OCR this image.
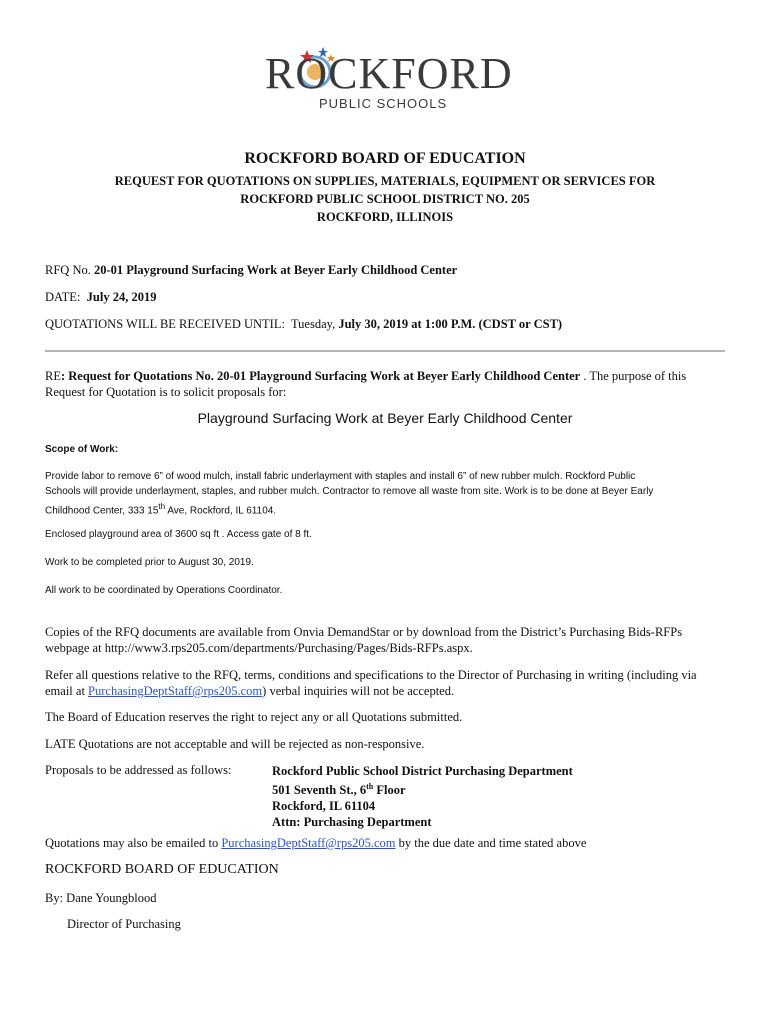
ROCKFORD
PUBLIC SCHOOLS
ROCKFORD BOARD OF EDUCATION
REQUEST FOR QUOTATIONS ON SUPPLIES, MATERIALS, EQUIPMENT OR SERVICES FOR
ROCKFORD PUBLIC SCHOOL DISTRICT NO. 205
ROCKFORD, ILLINOIS
RFQ No. 20-01 Playground Surfacing Work at Beyer Early Childhood Center
DATE: July 24, 2019
QUOTATIONS WILL BE RECEIVED UNTIL: Tuesday, July 30, 2019 at 1:00 P.M. (CDST or CST)
RE: Request for Quotations No. 20-01 Playground Surfacing Work at Beyer Early Childhood Center . The purpose of this
Request for Quotation is to solicit proposals for:
Playground Surfacing Work at Beyer Early Childhood Center
Scope of Work:
Provide labor to remove 6” of wood mulch, install fabric underlayment with staples and install 6” of new rubber mulch. Rockford Public
Schools will provide underlayment, staples, and rubber mulch. Contractor to remove all waste from site. Work is to be done at Beyer Early
Childhood Center, 333 15th Ave, Rockford, IL 61104.
Enclosed playground area of 3600 sq ft . Access gate of 8 ft.
Work to be completed prior to August 30, 2019.
All work to be coordinated by Operations Coordinator.
Copies of the RFQ documents are available from Onvia DemandStar or by download from the District’s Purchasing Bids-RFPs
webpage at http://www3.rps205.com/departments/Purchasing/Pages/Bids-RFPs.aspx.
Refer all questions relative to the RFQ, terms, conditions and specifications to the Director of Purchasing in writing (including via
email at PurchasingDeptStaff@rps205.com) verbal inquiries will not be accepted.
The Board of Education reserves the right to reject any or all Quotations submitted.
LATE Quotations are not acceptable and will be rejected as non-responsive.
Proposals to be addressed as follows:	Rockford Public School District Purchasing Department
501 Seventh St., 6th Floor
Rockford, IL 61104
Attn: Purchasing Department
Quotations may also be emailed to PurchasingDeptStaff@rps205.com by the due date and time stated above
ROCKFORD BOARD OF EDUCATION
By: Dane Youngblood
Director of Purchasing
